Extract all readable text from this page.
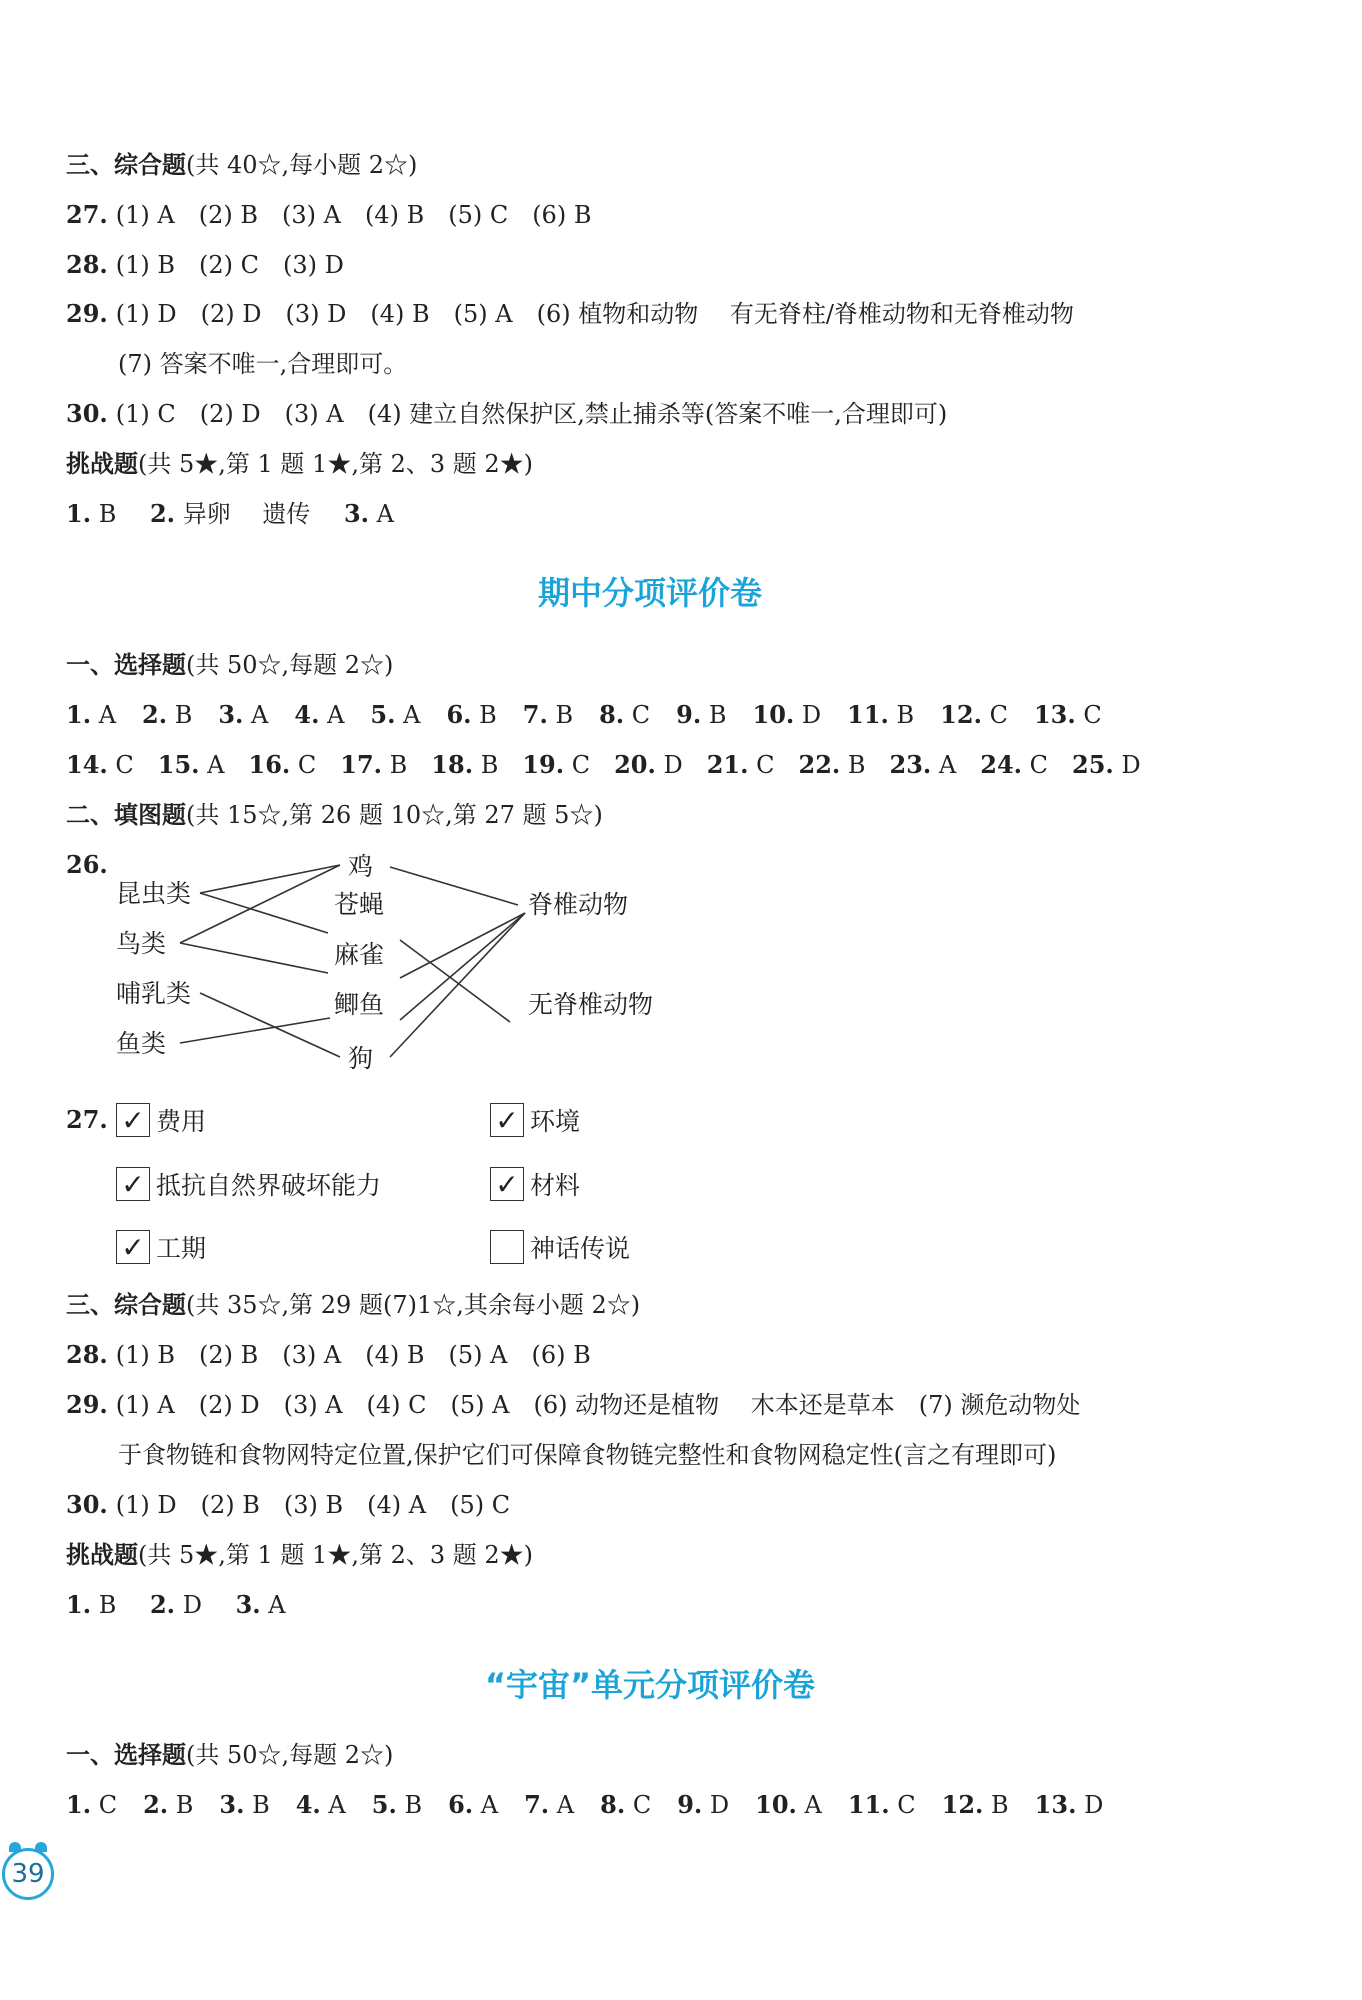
三、综合题(共 40☆,每小题 2☆)
27. (1) A　(2) B　(3) A　(4) B　(5) C　(6) B
28. (1) B　(2) C　(3) D
29. (1) D　(2) D　(3) D　(4) B　(5) A　(6) 植物和动物　 有无脊柱/脊椎动物和无脊椎动物
(7) 答案不唯一,合理即可。
30. (1) C　(2) D　(3) A　(4) 建立自然保护区,禁止捕杀等(答案不唯一,合理即可)
挑战题(共 5★,第 1 题 1★,第 2、3 题 2★)
1. B 2. 异卵　 遗传 3. A
期中分项评价卷
一、选择题(共 50☆,每题 2☆)
1. A 2. B 3. A 4. A 5. A 6. B 7. B 8. C 9. B 10. D 11. B 12. C 13. C
14. C 15. A 16. C 17. B 18. B 19. C 20. D 21. C 22. B 23. A 24. C 25. D
二、填图题(共 15☆,第 26 题 10☆,第 27 题 5☆)
26.
昆虫类
鸟类
哺乳类
鱼类
鸡
苍蝇
麻雀
鲫鱼
狗
脊椎动物
无脊椎动物
27. ✓ 费用	✓ 环境
✓ 抵抗自然界破坏能力	✓ 材料
✓ 工期	神话传说
三、综合题(共 35☆,第 29 题(7)1☆,其余每小题 2☆)
28. (1) B　(2) B　(3) A　(4) B　(5) A　(6) B
29. (1) A　(2) D　(3) A　(4) C　(5) A　(6) 动物还是植物　 木本还是草本　(7) 濒危动物处
于食物链和食物网特定位置,保护它们可保障食物链完整性和食物网稳定性(言之有理即可)
30. (1) D　(2) B　(3) B　(4) A　(5) C
挑战题(共 5★,第 1 题 1★,第 2、3 题 2★)
1. B 2. D 3. A
“宇宙”单元分项评价卷
一、选择题(共 50☆,每题 2☆)
1. C 2. B 3. B 4. A 5. B 6. A 7. A 8. C 9. D 10. A 11. C 12. B 13. D
39
